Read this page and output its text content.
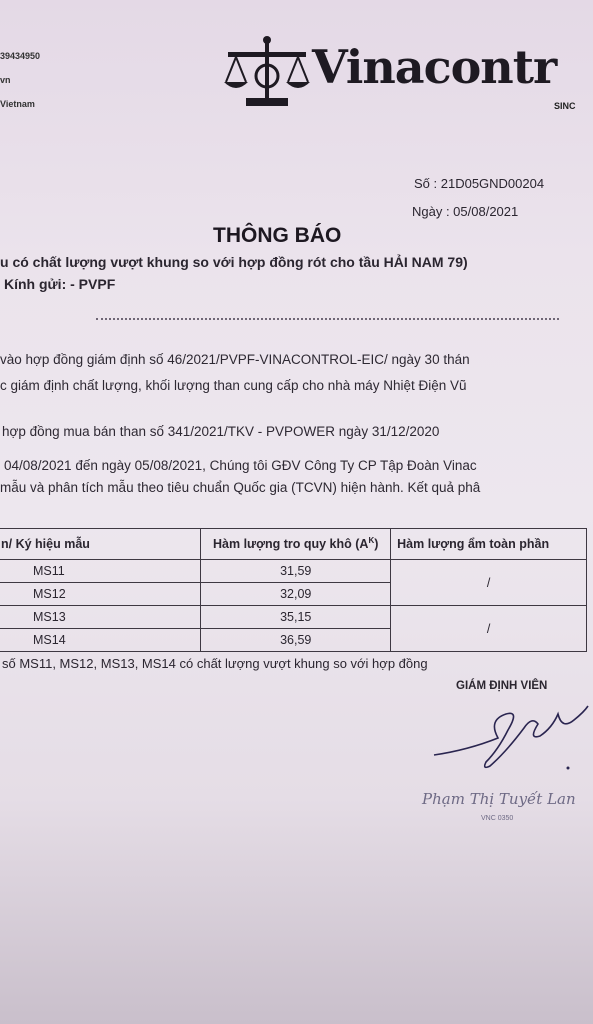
39434950
vn
Vietnam
Vinacontr
SINC
Số : 21D05GND00204
Ngày : 05/08/2021
THÔNG BÁO
u có chất lượng vượt khung so với hợp đồng rót cho tầu HẢI NAM 79)
Kính gửi: - PVPF
vào hợp đồng giám định số 46/2021/PVPF-VINACONTROL-EIC/ ngày 30 thán
c giám định chất lượng, khối lượng than cung cấp cho nhà máy Nhiệt Điện Vũ
hợp đồng mua bán than số 341/2021/TKV - PVPOWER ngày 31/12/2020
04/08/2021 đến ngày 05/08/2021, Chúng tôi GĐV Công Ty CP Tập Đoàn Vinac
mẫu và phân tích mẫu theo tiêu chuẩn Quốc gia (TCVN) hiện hành. Kết quả phâ
n/ Ký hiệu mẫu	Hàm lượng tro quy khô $(A^K)$	Hàm lượng ẩm toàn phần
MS11	31,59	/
MS12	32,09	
MS13	35,15	/
MS14	36,59	
số MS11, MS12, MS13, MS14 có chất lượng vượt khung so với hợp đồng
GIÁM ĐỊNH VIÊN
Phạm Thị Tuyết Lan
VNC 0350
